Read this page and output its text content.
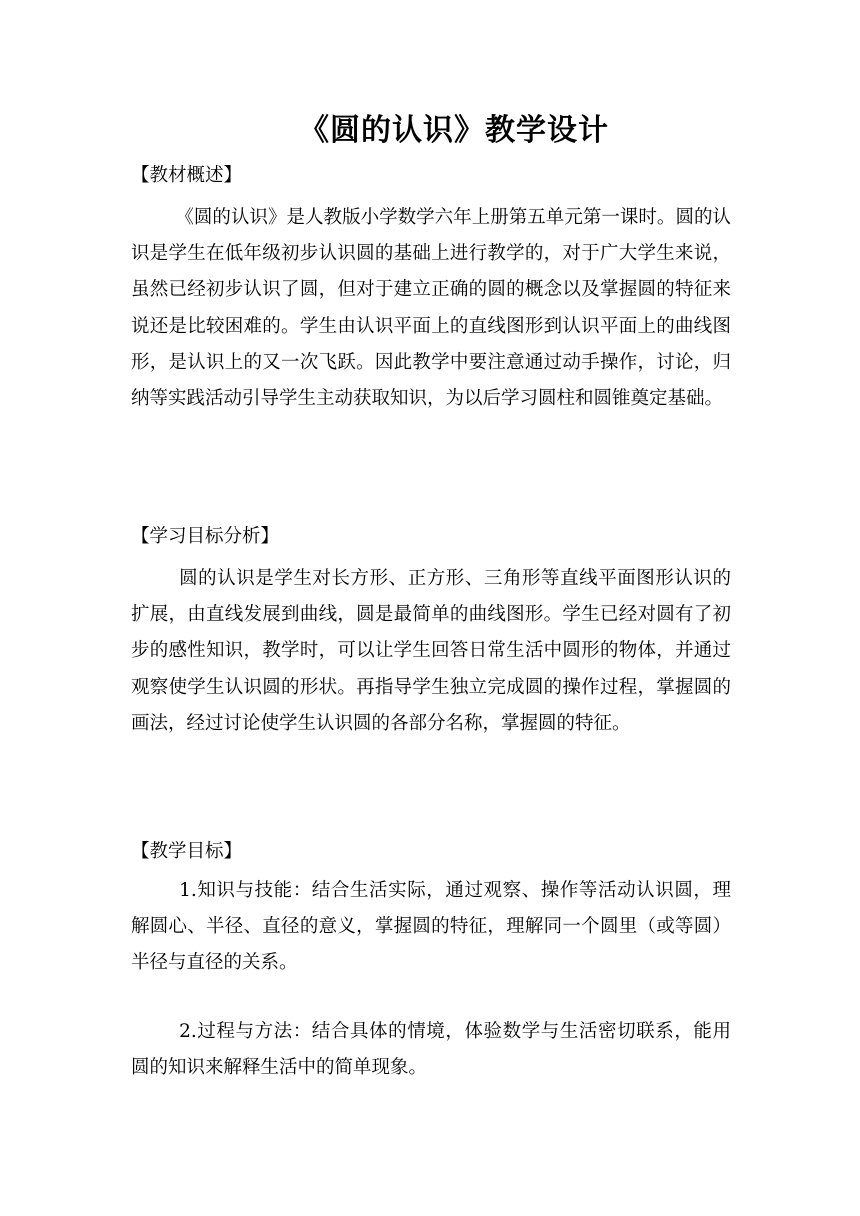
《圆的认识》教学设计

【教材概述】

《圆的认识》是人教版小学数学六年上册第五单元第一课时。圆的认识是学生在低年级初步认识圆的基础上进行教学的，对于广大学生来说，虽然已经初步认识了圆，但对于建立正确的圆的概念以及掌握圆的特征来说还是比较困难的。学生由认识平面上的直线图形到认识平面上的曲线图形，是认识上的又一次飞跃。因此教学中要注意通过动手操作，讨论，归纳等实践活动引导学生主动获取知识，为以后学习圆柱和圆锥奠定基础。

【学习目标分析】

圆的认识是学生对长方形、正方形、三角形等直线平面图形认识的扩展，由直线发展到曲线，圆是最简单的曲线图形。学生已经对圆有了初步的感性知识，教学时，可以让学生回答日常生活中圆形的物体，并通过观察使学生认识圆的形状。再指导学生独立完成圆的操作过程，掌握圆的画法，经过讨论使学生认识圆的各部分名称，掌握圆的特征。

【教学目标】

1.知识与技能：结合生活实际，通过观察、操作等活动认识圆，理解圆心、半径、直径的意义，掌握圆的特征，理解同一个圆里（或等圆）半径与直径的关系。

2.过程与方法：结合具体的情境，体验数学与生活密切联系，能用圆的知识来解释生活中的简单现象。
